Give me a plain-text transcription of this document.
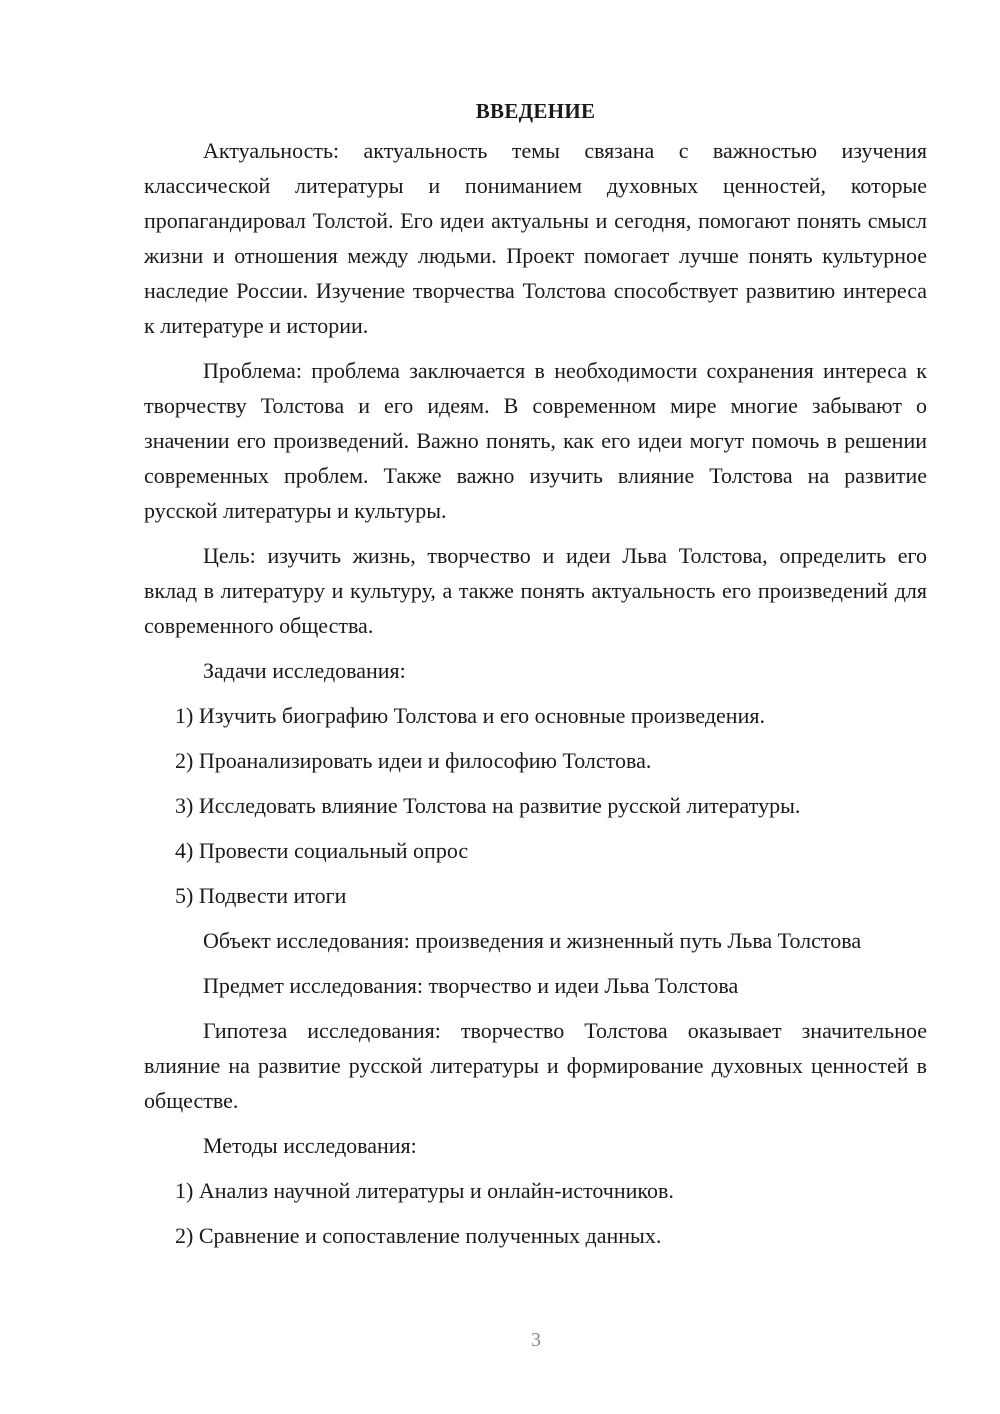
ВВЕДЕНИЕ

Актуальность: актуальность темы связана с важностью изучения классической литературы и пониманием духовных ценностей, которые пропагандировал Толстой. Его идеи актуальны и сегодня, помогают понять смысл жизни и отношения между людьми. Проект помогает лучше понять культурное наследие России. Изучение творчества Толстова способствует развитию интереса к литературе и истории.

Проблема: проблема заключается в необходимости сохранения интереса к творчеству Толстова и его идеям. В современном мире многие забывают о значении его произведений. Важно понять, как его идеи могут помочь в решении современных проблем. Также важно изучить влияние Толстова на развитие русской литературы и культуры.

Цель: изучить жизнь, творчество и идеи Льва Толстова, определить его вклад в литературу и культуру, а также понять актуальность его произведений для современного общества.

Задачи исследования:

1) Изучить биографию Толстова и его основные произведения.

2) Проанализировать идеи и философию Толстова.

3) Исследовать влияние Толстова на развитие русской литературы.

4) Провести социальный опрос

5) Подвести итоги

Объект исследования: произведения и жизненный путь Льва Толстова

Предмет исследования: творчество и идеи Льва Толстова

Гипотеза исследования: творчество Толстова оказывает значительное влияние на развитие русской литературы и формирование духовных ценностей в обществе.

Методы исследования:

1) Анализ научной литературы и онлайн-источников.

2) Сравнение и сопоставление полученных данных.

3
